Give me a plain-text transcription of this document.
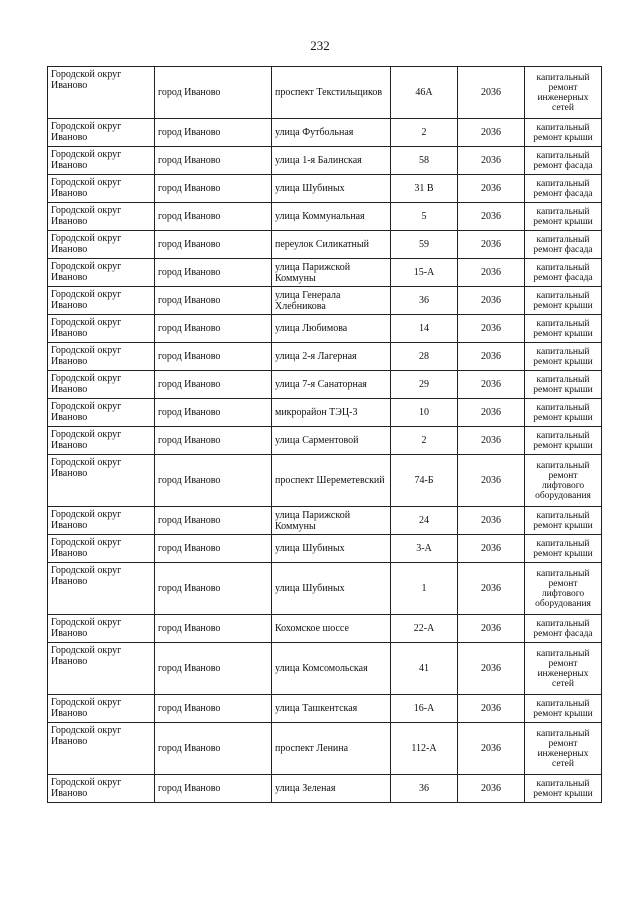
232
Городской округ Иваново	город Иваново	проспект Текстильщиков	46А	2036	капитальный ремонт инженерных сетей
Городской округ Иваново	город Иваново	улица Футбольная	2	2036	капитальный ремонт крыши
Городской округ Иваново	город Иваново	улица 1-я Балинская	58	2036	капитальный ремонт фасада
Городской округ Иваново	город Иваново	улица Шубиных	31 В	2036	капитальный ремонт фасада
Городской округ Иваново	город Иваново	улица Коммунальная	5	2036	капитальный ремонт крыши
Городской округ Иваново	город Иваново	переулок Силикатный	59	2036	капитальный ремонт фасада
Городской округ Иваново	город Иваново	улица Парижской Коммуны	15-А	2036	капитальный ремонт фасада
Городской округ Иваново	город Иваново	улица Генерала Хлебникова	36	2036	капитальный ремонт крыши
Городской округ Иваново	город Иваново	улица Любимова	14	2036	капитальный ремонт крыши
Городской округ Иваново	город Иваново	улица 2-я Лагерная	28	2036	капитальный ремонт крыши
Городской округ Иваново	город Иваново	улица 7-я Санаторная	29	2036	капитальный ремонт крыши
Городской округ Иваново	город Иваново	микрорайон ТЭЦ-3	10	2036	капитальный ремонт крыши
Городской округ Иваново	город Иваново	улица Сарментовой	2	2036	капитальный ремонт крыши
Городской округ Иваново	город Иваново	проспект Шереметевский	74-Б	2036	капитальный ремонт лифтового оборудования
Городской округ Иваново	город Иваново	улица Парижской Коммуны	24	2036	капитальный ремонт крыши
Городской округ Иваново	город Иваново	улица Шубиных	3-А	2036	капитальный ремонт крыши
Городской округ Иваново	город Иваново	улица Шубиных	1	2036	капитальный ремонт лифтового оборудования
Городской округ Иваново	город Иваново	Кохомское шоссе	22-А	2036	капитальный ремонт фасада
Городской округ Иваново	город Иваново	улица Комсомольская	41	2036	капитальный ремонт инженерных сетей
Городской округ Иваново	город Иваново	улица Ташкентская	16-А	2036	капитальный ремонт крыши
Городской округ Иваново	город Иваново	проспект Ленина	112-А	2036	капитальный ремонт инженерных сетей
Городской округ Иваново	город Иваново	улица Зеленая	36	2036	капитальный ремонт крыши
